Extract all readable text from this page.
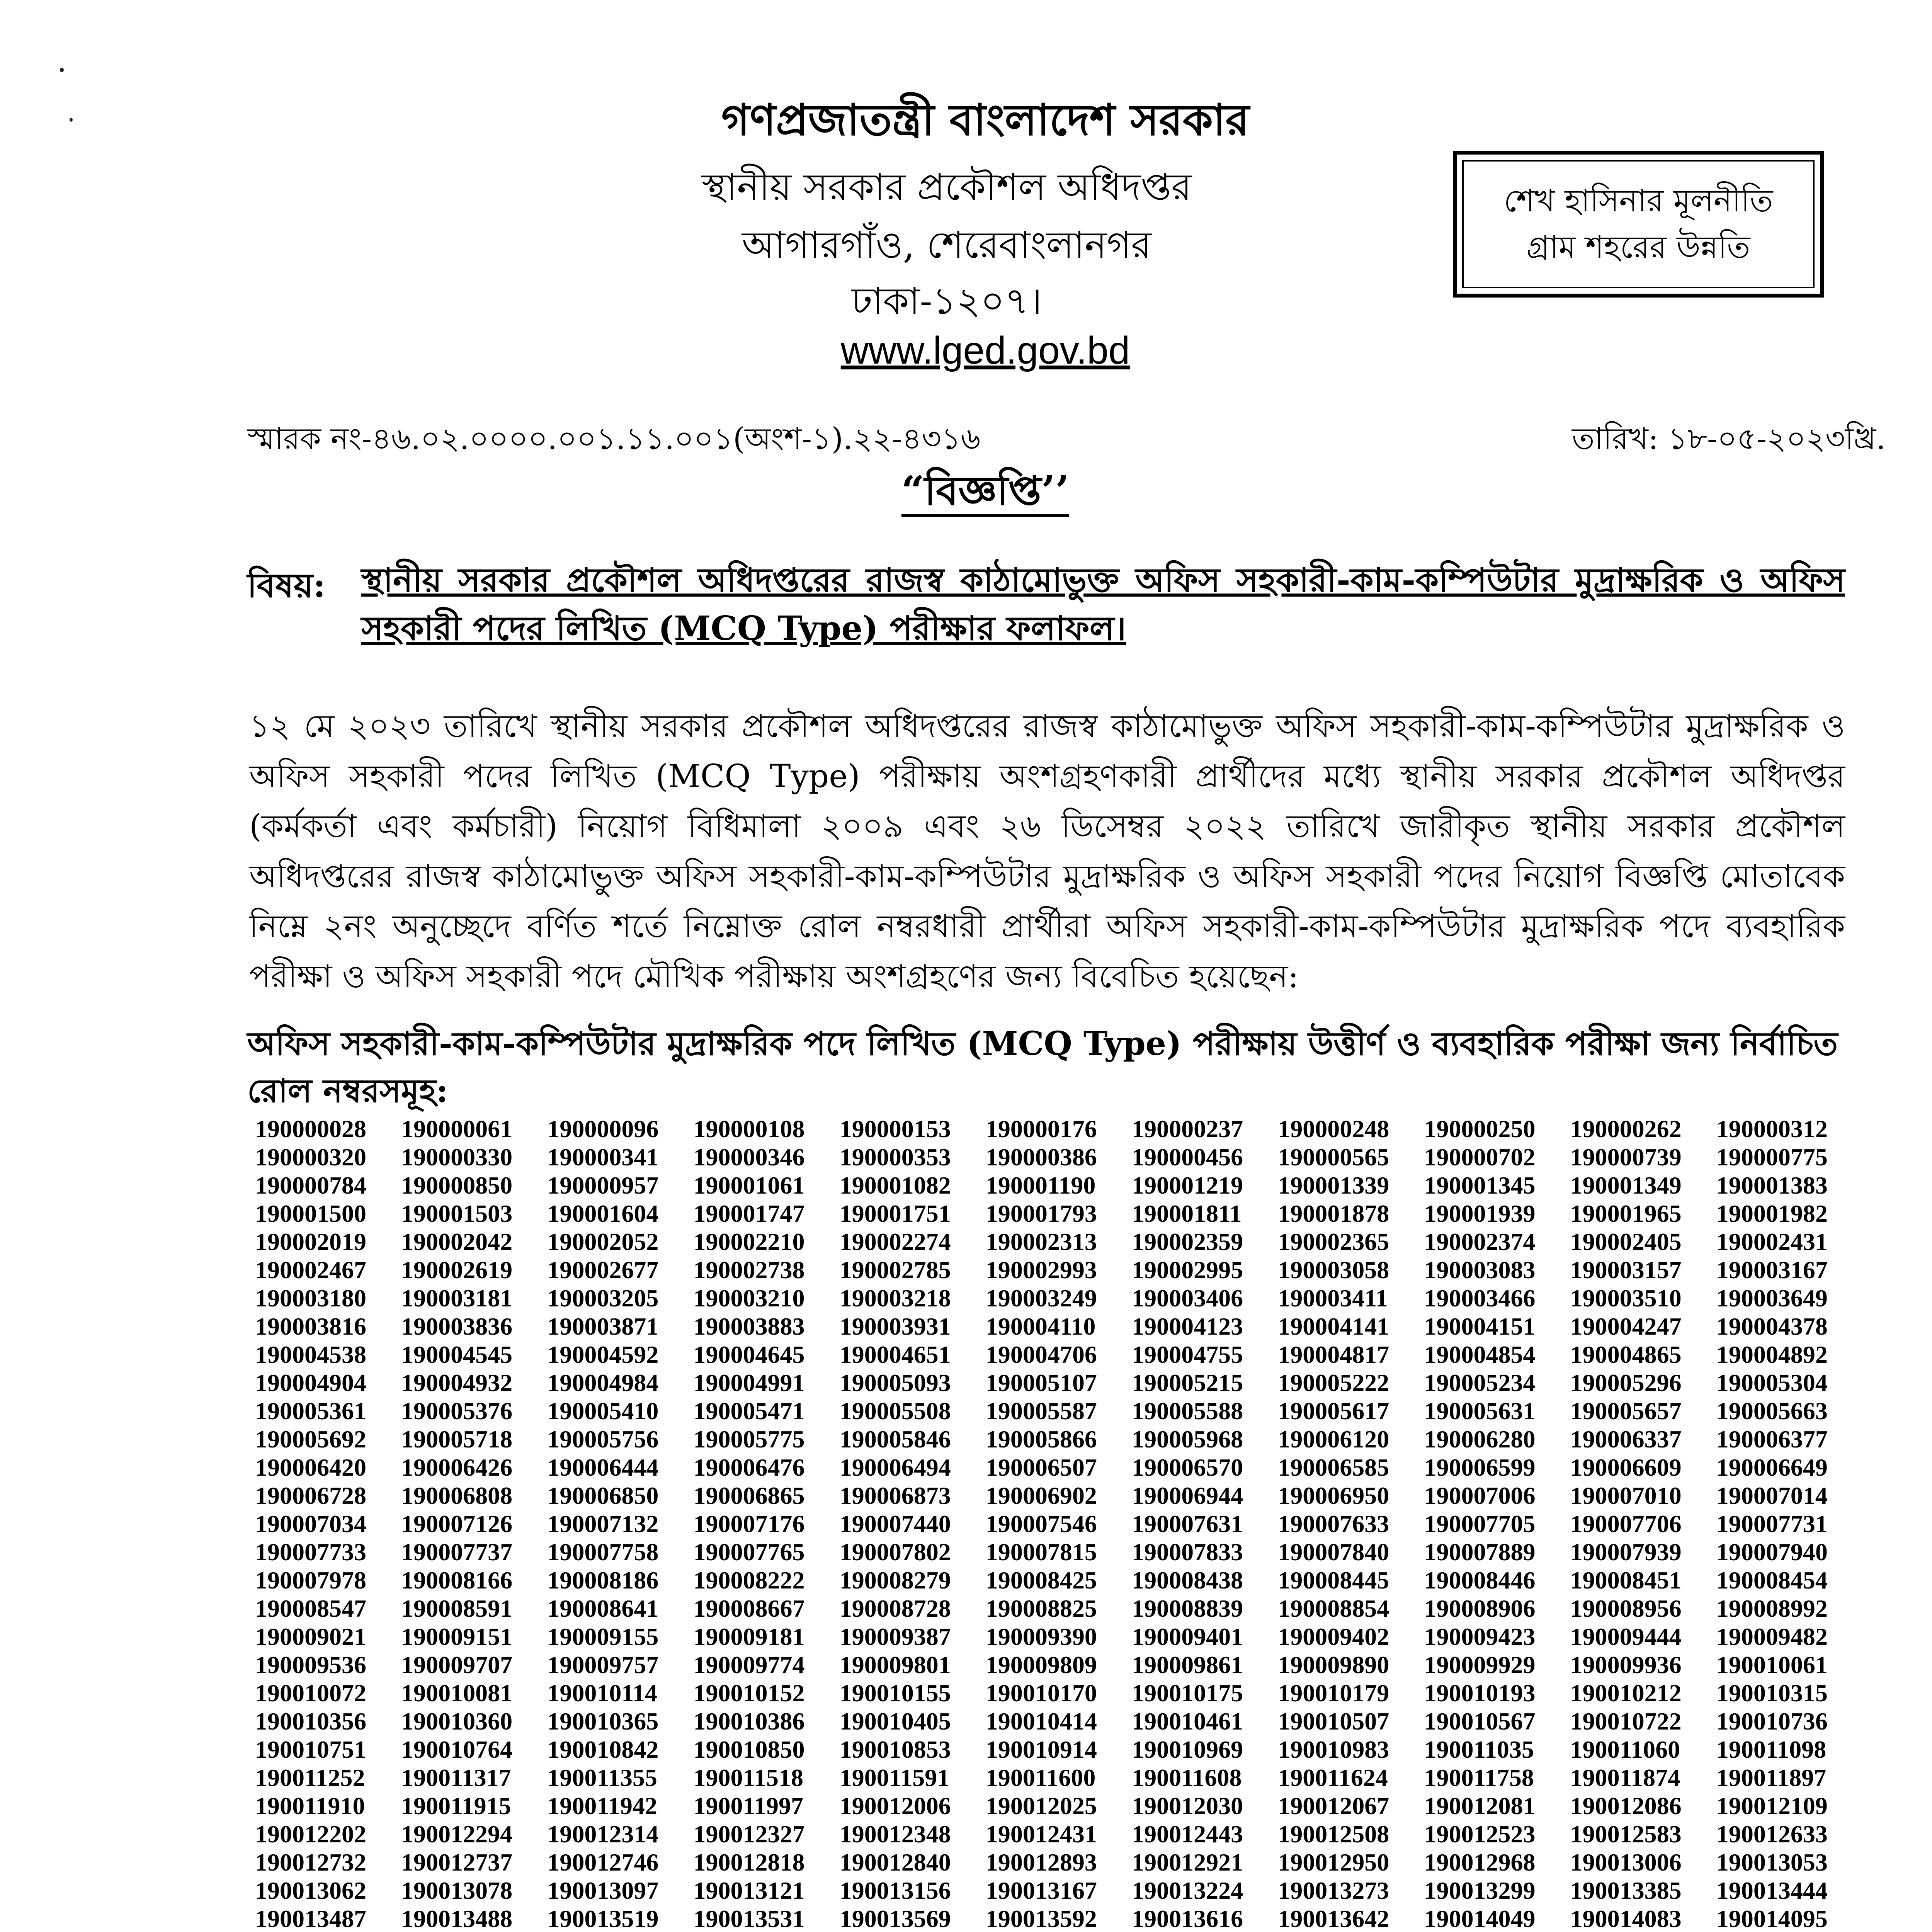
গণপ্রজাতন্ত্রী বাংলাদেশ সরকার
স্থানীয় সরকার প্রকৌশল অধিদপ্তর
আগারগাঁও, শেরেবাংলানগর
ঢাকা-১২০৭।
www.lged.gov.bd
শেখ হাসিনার মূলনীতি
গ্রাম শহরের উন্নতি
স্মারক নং-৪৬.০২.০০০০.০০১.১১.০০১(অংশ-১).২২-৪৩১৬	তারিখ: ১৮-০৫-২০২৩খ্রি.
“বিজ্ঞপ্তি’’
বিষয়:	স্থানীয় সরকার প্রকৌশল অধিদপ্তরের রাজস্ব কাঠামোভুক্ত অফিস সহকারী-কাম-কম্পিউটার মুদ্রাক্ষরিক ও অফিস সহকারী পদের লিখিত (MCQ Type) পরীক্ষার ফলাফল।
১২ মে ২০২৩ তারিখে স্থানীয় সরকার প্রকৌশল অধিদপ্তরের রাজস্ব কাঠামোভুক্ত অফিস সহকারী-কাম-কম্পিউটার মুদ্রাক্ষরিক ও অফিস সহকারী পদের লিখিত (MCQ Type) পরীক্ষায় অংশগ্রহণকারী প্রার্থীদের মধ্যে স্থানীয় সরকার প্রকৌশল অধিদপ্তর (কর্মকর্তা এবং কর্মচারী) নিয়োগ বিধিমালা ২০০৯ এবং ২৬ ডিসেম্বর ২০২২ তারিখে জারীকৃত স্থানীয় সরকার প্রকৌশল অধিদপ্তরের রাজস্ব কাঠামোভুক্ত অফিস সহকারী-কাম-কম্পিউটার মুদ্রাক্ষরিক ও অফিস সহকারী পদের নিয়োগ বিজ্ঞপ্তি মোতাবেক নিম্নে ২নং অনুচ্ছেদে বর্ণিত শর্তে নিম্নোক্ত রোল নম্বরধারী প্রার্থীরা অফিস সহকারী-কাম-কম্পিউটার মুদ্রাক্ষরিক পদে ব্যবহারিক পরীক্ষা ও অফিস সহকারী পদে মৌখিক পরীক্ষায় অংশগ্রহণের জন্য বিবেচিত হয়েছেন:
অফিস সহকারী-কাম-কম্পিউটার মুদ্রাক্ষরিক পদে লিখিত (MCQ Type) পরীক্ষায় উত্তীর্ণ ও ব্যবহারিক পরীক্ষা জন্য নির্বাচিত রোল নম্বরসমূহ:
190000028	190000061	190000096	190000108	190000153	190000176	190000237	190000248	190000250	190000262	190000312
190000320	190000330	190000341	190000346	190000353	190000386	190000456	190000565	190000702	190000739	190000775
190000784	190000850	190000957	190001061	190001082	190001190	190001219	190001339	190001345	190001349	190001383
190001500	190001503	190001604	190001747	190001751	190001793	190001811	190001878	190001939	190001965	190001982
190002019	190002042	190002052	190002210	190002274	190002313	190002359	190002365	190002374	190002405	190002431
190002467	190002619	190002677	190002738	190002785	190002993	190002995	190003058	190003083	190003157	190003167
190003180	190003181	190003205	190003210	190003218	190003249	190003406	190003411	190003466	190003510	190003649
190003816	190003836	190003871	190003883	190003931	190004110	190004123	190004141	190004151	190004247	190004378
190004538	190004545	190004592	190004645	190004651	190004706	190004755	190004817	190004854	190004865	190004892
190004904	190004932	190004984	190004991	190005093	190005107	190005215	190005222	190005234	190005296	190005304
190005361	190005376	190005410	190005471	190005508	190005587	190005588	190005617	190005631	190005657	190005663
190005692	190005718	190005756	190005775	190005846	190005866	190005968	190006120	190006280	190006337	190006377
190006420	190006426	190006444	190006476	190006494	190006507	190006570	190006585	190006599	190006609	190006649
190006728	190006808	190006850	190006865	190006873	190006902	190006944	190006950	190007006	190007010	190007014
190007034	190007126	190007132	190007176	190007440	190007546	190007631	190007633	190007705	190007706	190007731
190007733	190007737	190007758	190007765	190007802	190007815	190007833	190007840	190007889	190007939	190007940
190007978	190008166	190008186	190008222	190008279	190008425	190008438	190008445	190008446	190008451	190008454
190008547	190008591	190008641	190008667	190008728	190008825	190008839	190008854	190008906	190008956	190008992
190009021	190009151	190009155	190009181	190009387	190009390	190009401	190009402	190009423	190009444	190009482
190009536	190009707	190009757	190009774	190009801	190009809	190009861	190009890	190009929	190009936	190010061
190010072	190010081	190010114	190010152	190010155	190010170	190010175	190010179	190010193	190010212	190010315
190010356	190010360	190010365	190010386	190010405	190010414	190010461	190010507	190010567	190010722	190010736
190010751	190010764	190010842	190010850	190010853	190010914	190010969	190010983	190011035	190011060	190011098
190011252	190011317	190011355	190011518	190011591	190011600	190011608	190011624	190011758	190011874	190011897
190011910	190011915	190011942	190011997	190012006	190012025	190012030	190012067	190012081	190012086	190012109
190012202	190012294	190012314	190012327	190012348	190012431	190012443	190012508	190012523	190012583	190012633
190012732	190012737	190012746	190012818	190012840	190012893	190012921	190012950	190012968	190013006	190013053
190013062	190013078	190013097	190013121	190013156	190013167	190013224	190013273	190013299	190013385	190013444
190013487	190013488	190013519	190013531	190013569	190013592	190013616	190013642	190014049	190014083	190014095
